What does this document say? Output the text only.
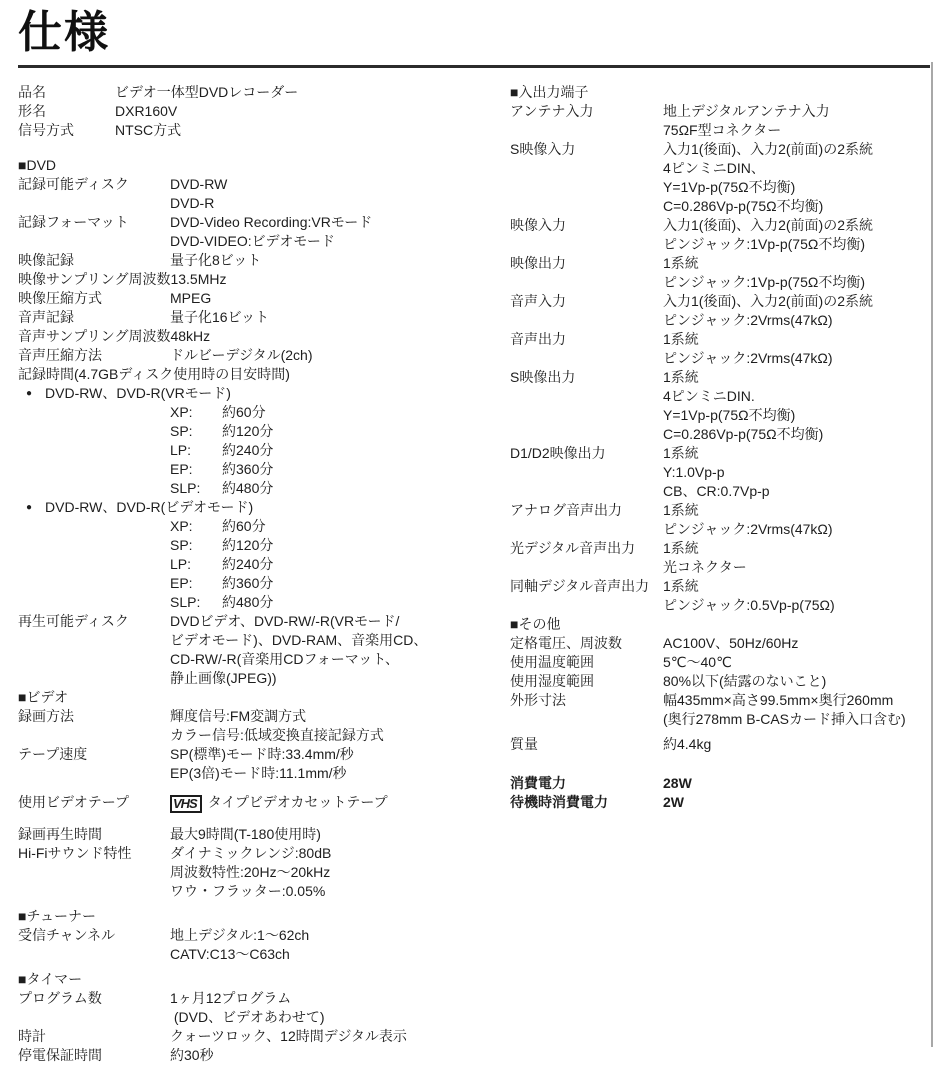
仕様
品名	ビデオ一体型DVDレコーダー
形名	DXR160V
信号方式	NTSC方式
■DVD
記録可能ディスク	DVD-RW
DVD-R
記録フォーマット	DVD-Video Recording:VRモード
DVD-VIDEO:ビデオモード
映像記録	量子化8ビット
映像サンプリング周波数 13.5MHz
映像圧縮方式	MPEG
音声記録	量子化16ビット
音声サンプリング周波数 48kHz
音声圧縮方法	ドルビーデジタル(2ch)
記録時間(4.7GBディスク使用時の目安時間)
● DVD-RW、DVD-R(VRモード)
XP:	約60分
SP:	約120分
LP:	約240分
EP:	約360分
SLP:	約480分
● DVD-RW、DVD-R(ビデオモード)
XP:	約60分
SP:	約120分
LP:	約240分
EP:	約360分
SLP:	約480分
再生可能ディスク	DVDビデオ、DVD-RW/-R(VRモード/
ビデオモード)、DVD-RAM、音楽用CD、
CD-RW/-R(音楽用CDフォーマット、
静止画像(JPEG))
■ビデオ
録画方法	輝度信号:FM変調方式
カラー信号:低域変換直接記録方式
テープ速度	SP(標準)モード時:33.4mm/秒
EP(3倍)モード時:11.1mm/秒
使用ビデオテープ	VHS タイプビデオカセットテープ
録画再生時間	最大9時間(T-180使用時)
Hi-Fiサウンド特性	ダイナミックレンジ:80dB
周波数特性:20Hz〜20kHz
ワウ・フラッター:0.05%
■チューナー
受信チャンネル	地上デジタル:1〜62ch
CATV:C13〜C63ch
■タイマー
プログラム数	1ヶ月12プログラム
(DVD、ビデオあわせて)
時計	クォーツロック、12時間デジタル表示
停電保証時間	約30秒
■入出力端子
アンテナ入力	地上デジタルアンテナ入力
75ΩF型コネクター
S映像入力	入力1(後面)、入力2(前面)の2系統
4ピンミニDIN、
Y=1Vp-p(75Ω不均衡)
C=0.286Vp-p(75Ω不均衡)
映像入力	入力1(後面)、入力2(前面)の2系統
ピンジャック:1Vp-p(75Ω不均衡)
映像出力	1系統
ピンジャック:1Vp-p(75Ω不均衡)
音声入力	入力1(後面)、入力2(前面)の2系統
ピンジャック:2Vrms(47kΩ)
音声出力	1系統
ピンジャック:2Vrms(47kΩ)
S映像出力	1系統
4ピンミニDIN.
Y=1Vp-p(75Ω不均衡)
C=0.286Vp-p(75Ω不均衡)
D1/D2映像出力	1系統
Y:1.0Vp-p
CB、CR:0.7Vp-p
アナログ音声出力	1系統
ピンジャック:2Vrms(47kΩ)
光デジタル音声出力	1系統
光コネクター
同軸デジタル音声出力 1系統
ピンジャック:0.5Vp-p(75Ω)
■その他
定格電圧、周波数	AC100V、50Hz/60Hz
使用温度範囲	5℃〜40℃
使用湿度範囲	80%以下(結露のないこと)
外形寸法	幅435mm×高さ99.5mm×奥行260mm
(奥行278mm B-CASカード挿入口含む)
質量	約4.4kg
消費電力	28W
待機時消費電力	2W
